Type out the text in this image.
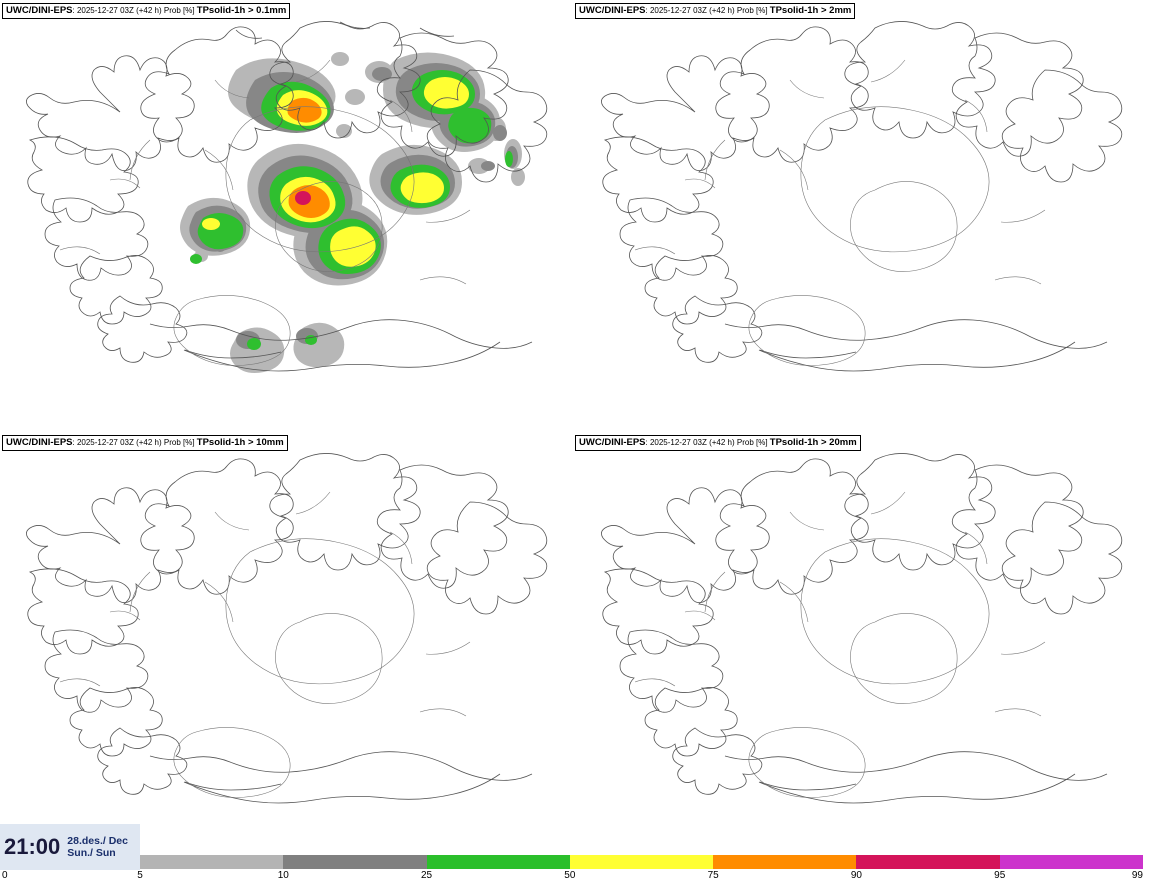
UWC/DINI-EPS: 2025-12-27 03Z (+42 h) Prob [%] TPsolid-1h > 0.1mm	UWC/DINI-EPS: 2025-12-27 03Z (+42 h) Prob [%] TPsolid-1h > 2mm
UWC/DINI-EPS: 2025-12-27 03Z (+42 h) Prob [%] TPsolid-1h > 10mm	UWC/DINI-EPS: 2025-12-27 03Z (+42 h) Prob [%] TPsolid-1h > 20mm
21:00 28.des./ Dec
Sun./ Sun
0	5	10	25	50	75	90	95	99
